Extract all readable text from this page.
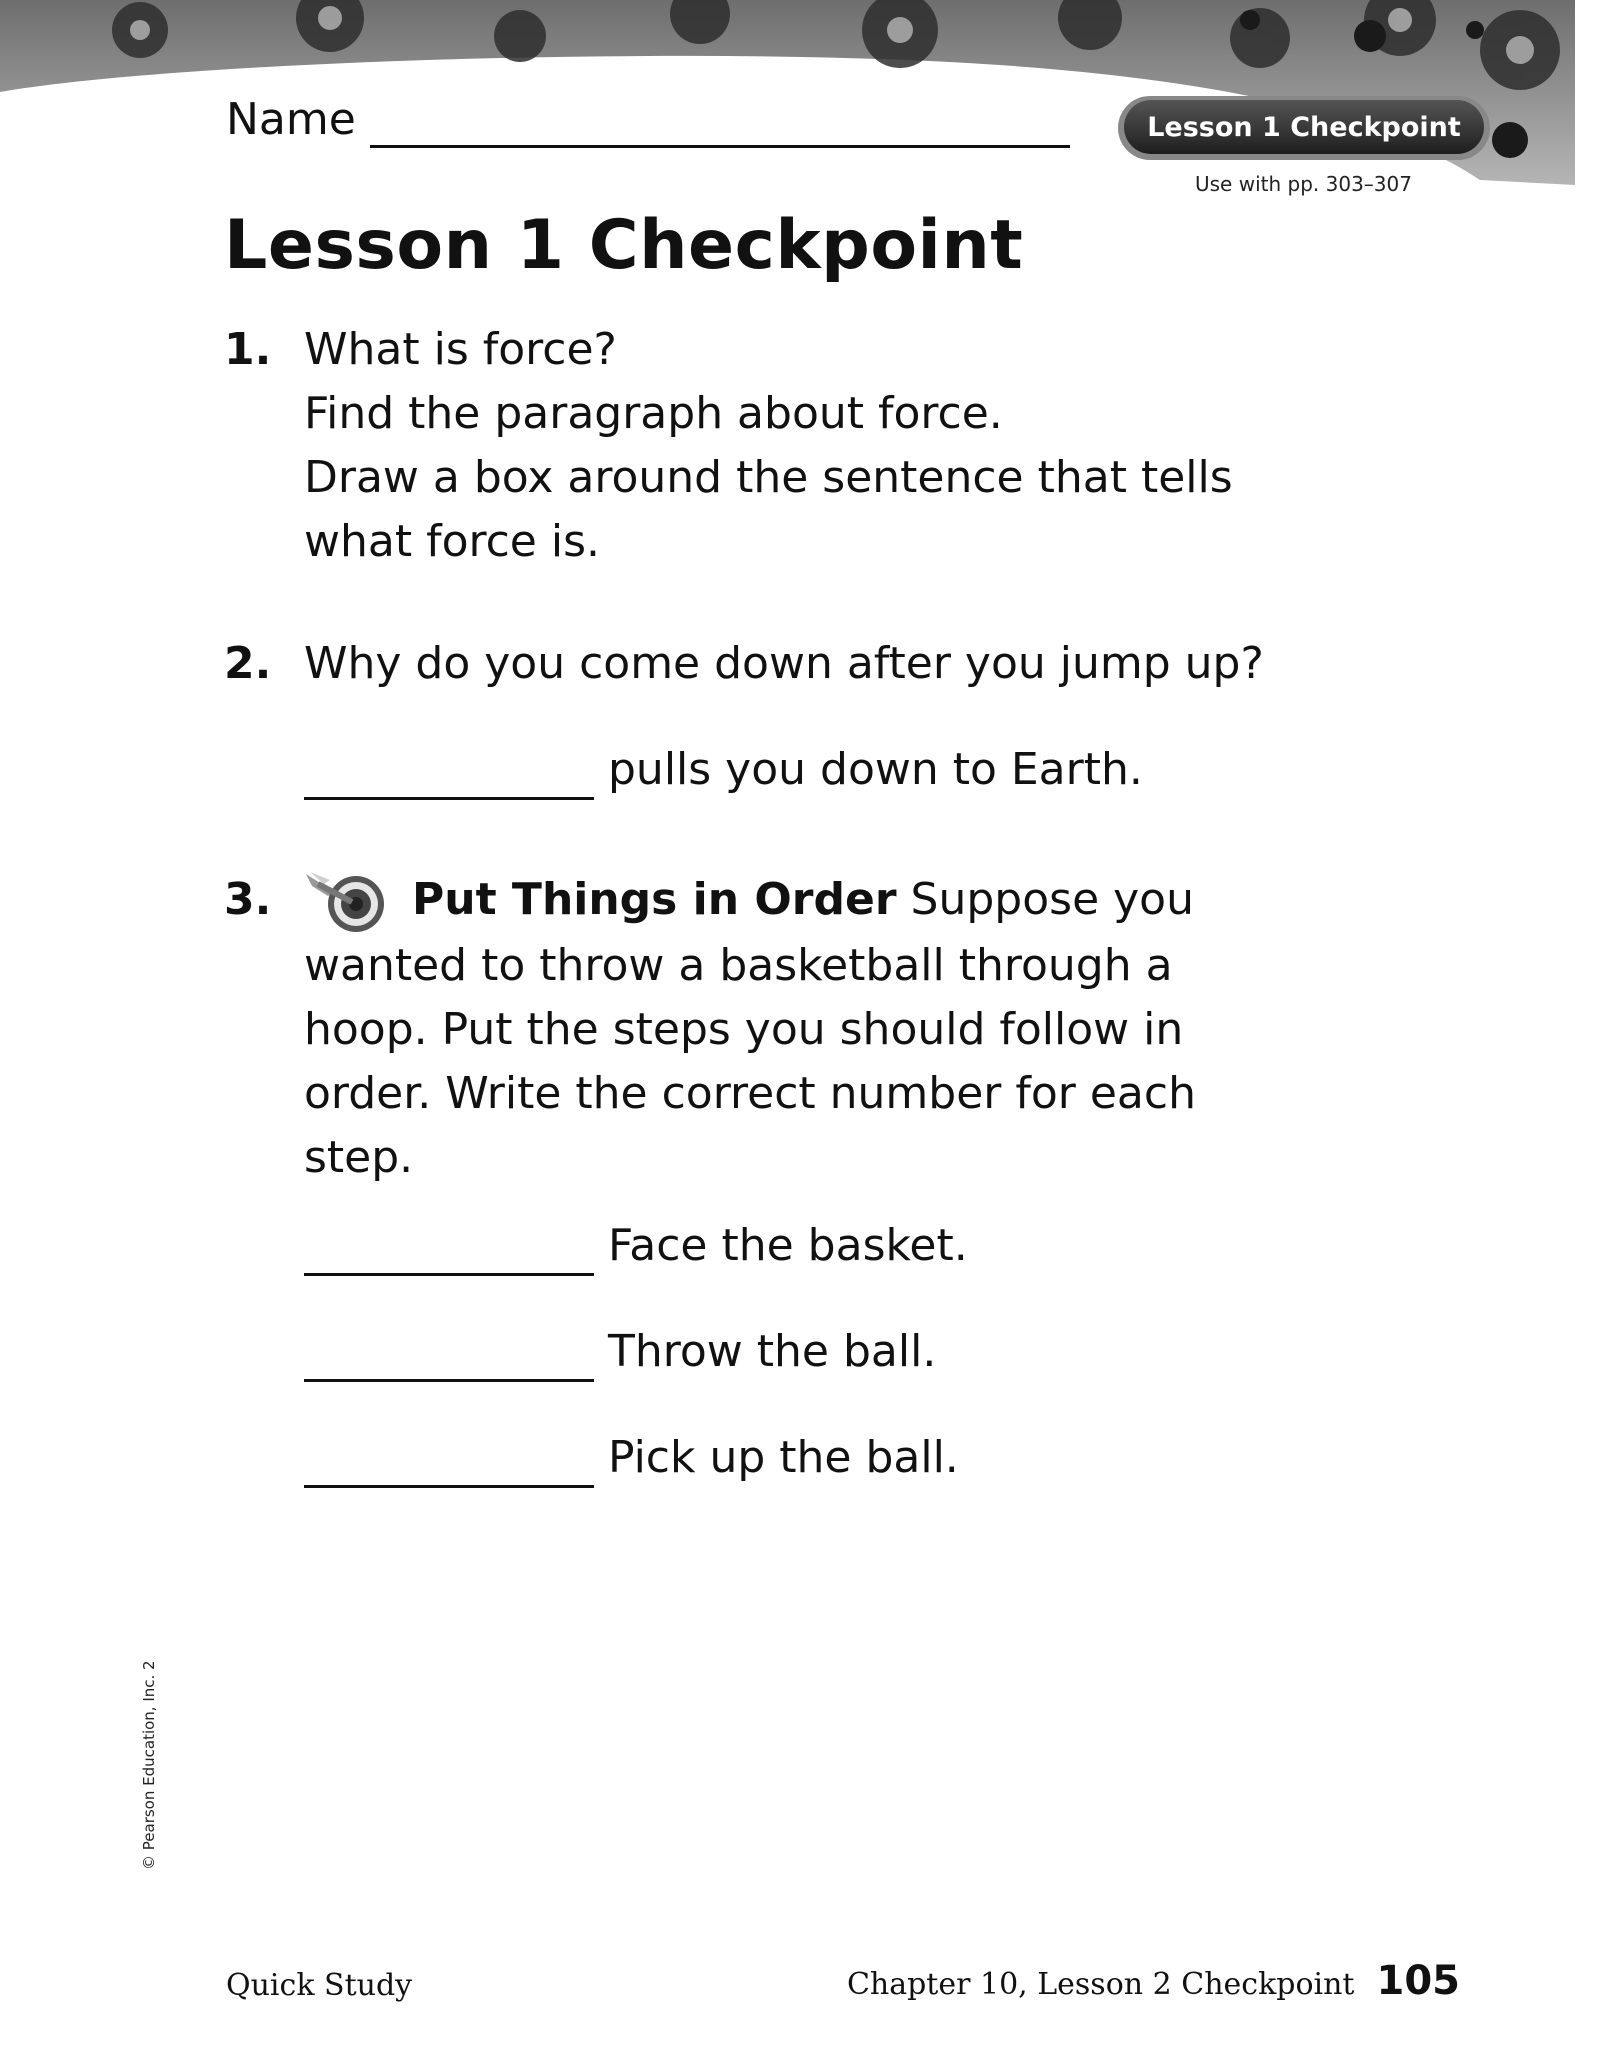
Lesson 1 Checkpoint
Name
Use with pp. 303–307
Lesson 1 Checkpoint
1. What is force?
Find the paragraph about force.
Draw a box around the sentence that tells
what force is.
2. Why do you come down after you jump up?
pulls you down to Earth.
3.	Put Things in Order Suppose you
wanted to throw a basketball through a
hoop. Put the steps you should follow in
order. Write the correct number for each
step.
Face the basket.
Throw the ball.
Pick up the ball.
© Pearson Education, Inc. 2
Quick Study	Chapter 10, Lesson 2 Checkpoint 105
